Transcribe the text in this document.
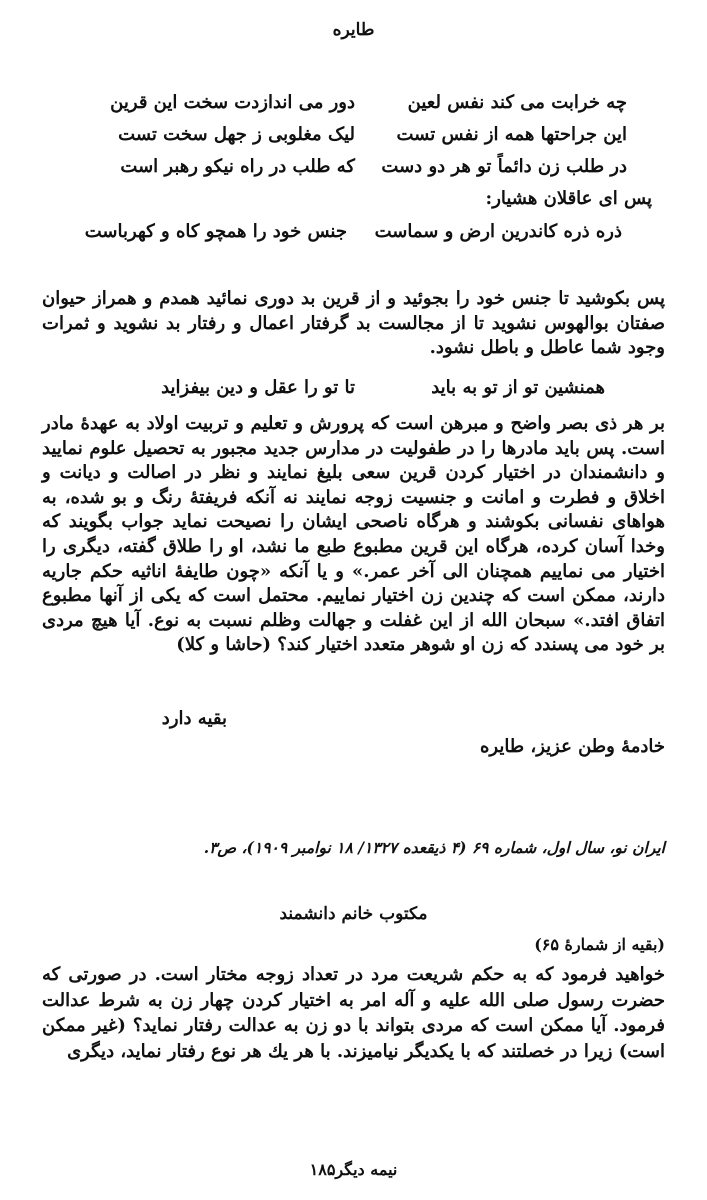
طایره
چه خرابت می کند نفس لعین
دور می اندازدت سخت این قرین
این جراحتها همه از نفس تست
لیک مغلوبی ز جهل سخت تست
در طلب زن دائماً تو هر دو دست
که طلب در راه نیکو رهبر است
پس ای عاقلان هشیار:
ذره ذره کاندرین ارض و سماست
جنس خود را همچو کاه و کهرباست
پس بکوشید تا جنس خود را بجوئید و از قرین بد دوری نمائید همدم و همراز حیوان صفتان بوالهوس نشوید تا از مجالست بد گرفتار اعمال و رفتار بد نشوید و ثمرات وجود شما عاطل و باطل نشود.
همنشین تو از تو به باید
تا تو را عقل و دین بیفزاید
بر هر ذی بصر واضح و مبرهن است که پرورش و تعلیم و تربیت اولاد به عهدهٔ مادر است. پس باید مادرها را در طفولیت در مدارس جدید مجبور به تحصیل علوم نمایید و دانشمندان در اختیار کردن قرین سعی بلیغ نمایند و نظر در اصالت و دیانت و اخلاق و فطرت و امانت و جنسیت زوجه نمایند نه آنکه فریفتهٔ رنگ و بو شده، به هواهای نفسانی بکوشند و هرگاه ناصحی ایشان را نصیحت نماید جواب بگویند که وخدا آسان کرده، هرگاه این قرین مطبوع طبع ما نشد، او را طلاق گفته، دیگری را اختیار می نماییم همچنان الی آخر عمر.» و یا آنکه «چون طایفهٔ اناثیه حکم جاریه دارند، ممکن است که چندین زن اختیار نماییم. محتمل است که یکی از آنها مطبوع اتفاق افتد.» سبحان الله از این غفلت و جهالت وظلم نسبت به نوع. آیا هیچ مردی بر خود می پسندد که زن او شوهر متعدد اختیار کند؟ (حاشا و کلا)
بقیه دارد
خادمهٔ وطن عزیز، طایره
ایران نو، سال اول، شماره ۶۹ (۴ ذیقعده ۱۳۲۷/ ۱۸ نوامبر ۱۹۰۹)، ص۳.
مکتوب خانم دانشمند
(بقیه از شمارهٔ ۶۵)
خواهید فرمود که به حکم شریعت مرد در تعداد زوجه مختار است. در صورتی که حضرت رسول صلی الله علیه و آله امر به اختیار کردن چهار زن به شرط عدالت فرمود. آیا ممکن است که مردی بتواند با دو زن به عدالت رفتار نماید؟ (غیر ممکن است) زیرا در خصلتند که با یکدیگر نیامیزند. با هر یك هر نوع رفتار نماید، دیگری
نیمه دیگر۱۸۵
